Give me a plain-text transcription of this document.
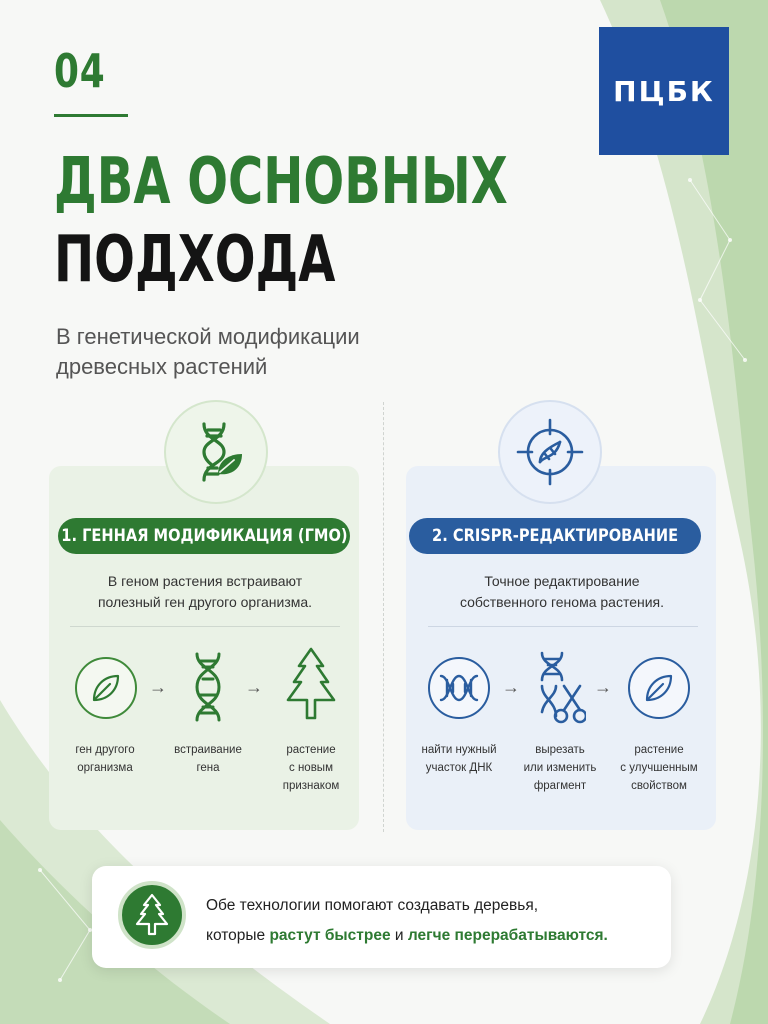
04	ПЦБК
ДВА ОСНОВНЫХ
ПОДХОДА
В генетической модификации
древесных растений
1. ГЕННАЯ МОДИФИКАЦИЯ (ГМО)
В геном растения встраивают
полезный ген другого организма.
→	→
ген другого
организма
встраивание
гена
растение
с новым
признаком
2. CRISPR-РЕДАКТИРОВАНИЕ
Точное редактирование
собственного генома растения.
→	→
найти нужный
участок ДНК
вырезать
или изменить
фрагмент
растение
с улучшенным
свойством
Обе технологии помогают создавать деревья,
которые растут быстрее и легче перерабатываются.
